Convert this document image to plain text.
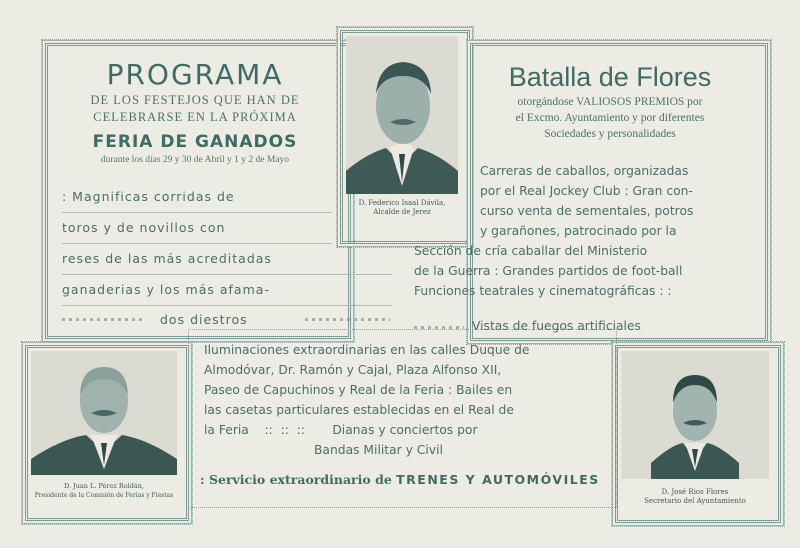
PROGRAMA
DE LOS FESTEJOS QUE HAN DE
CELEBRARSE EN LA PRÓXIMA
FERIA DE GANADOS
durante los días 29 y 30 de Abril y 1 y 2 de Mayo
: Magnificas corridas de
toros y de novillos con
reses de las más acreditadas
ganaderias y los más afama-
dos diestros
D. Federico Isaal Dávila,
Alcalde de Jerez
Batalla de Flores
otorgándose VALIOSOS PREMIOS por
el Excmo. Ayuntamiento y por diferentes
Sociedades y personalidades
Carreras de caballos, organizadas
por el Real Jockey Club : Gran con-
curso venta de sementales, potros
y garañones, patrocinado por la
Sección de cría caballar del Ministerio
de la Guerra : Grandes partidos de foot-ball
Funciones teatrales y cinematográficas : :
Vistas de fuegos artificiales
D. Juan L. Pérez Roldán,
Presidente de la Comisión de Ferias y Fiestas
Iluminaciones extraordinarias en las calles Duque de
Almodóvar, Dr. Ramón y Cajal, Plaza Alfonso XII,
Paseo de Capuchinos y Real de la Feria : Bailes en
las casetas particulares establecidas en el Real de
la Feria    ::  ::  ::       Dianas y conciertos por
Bandas Militar y Civil
: Servicio extraordinario de TRENES Y AUTOMÓVILES
D. José Rios Flores
Secretario del Ayuntamiento
